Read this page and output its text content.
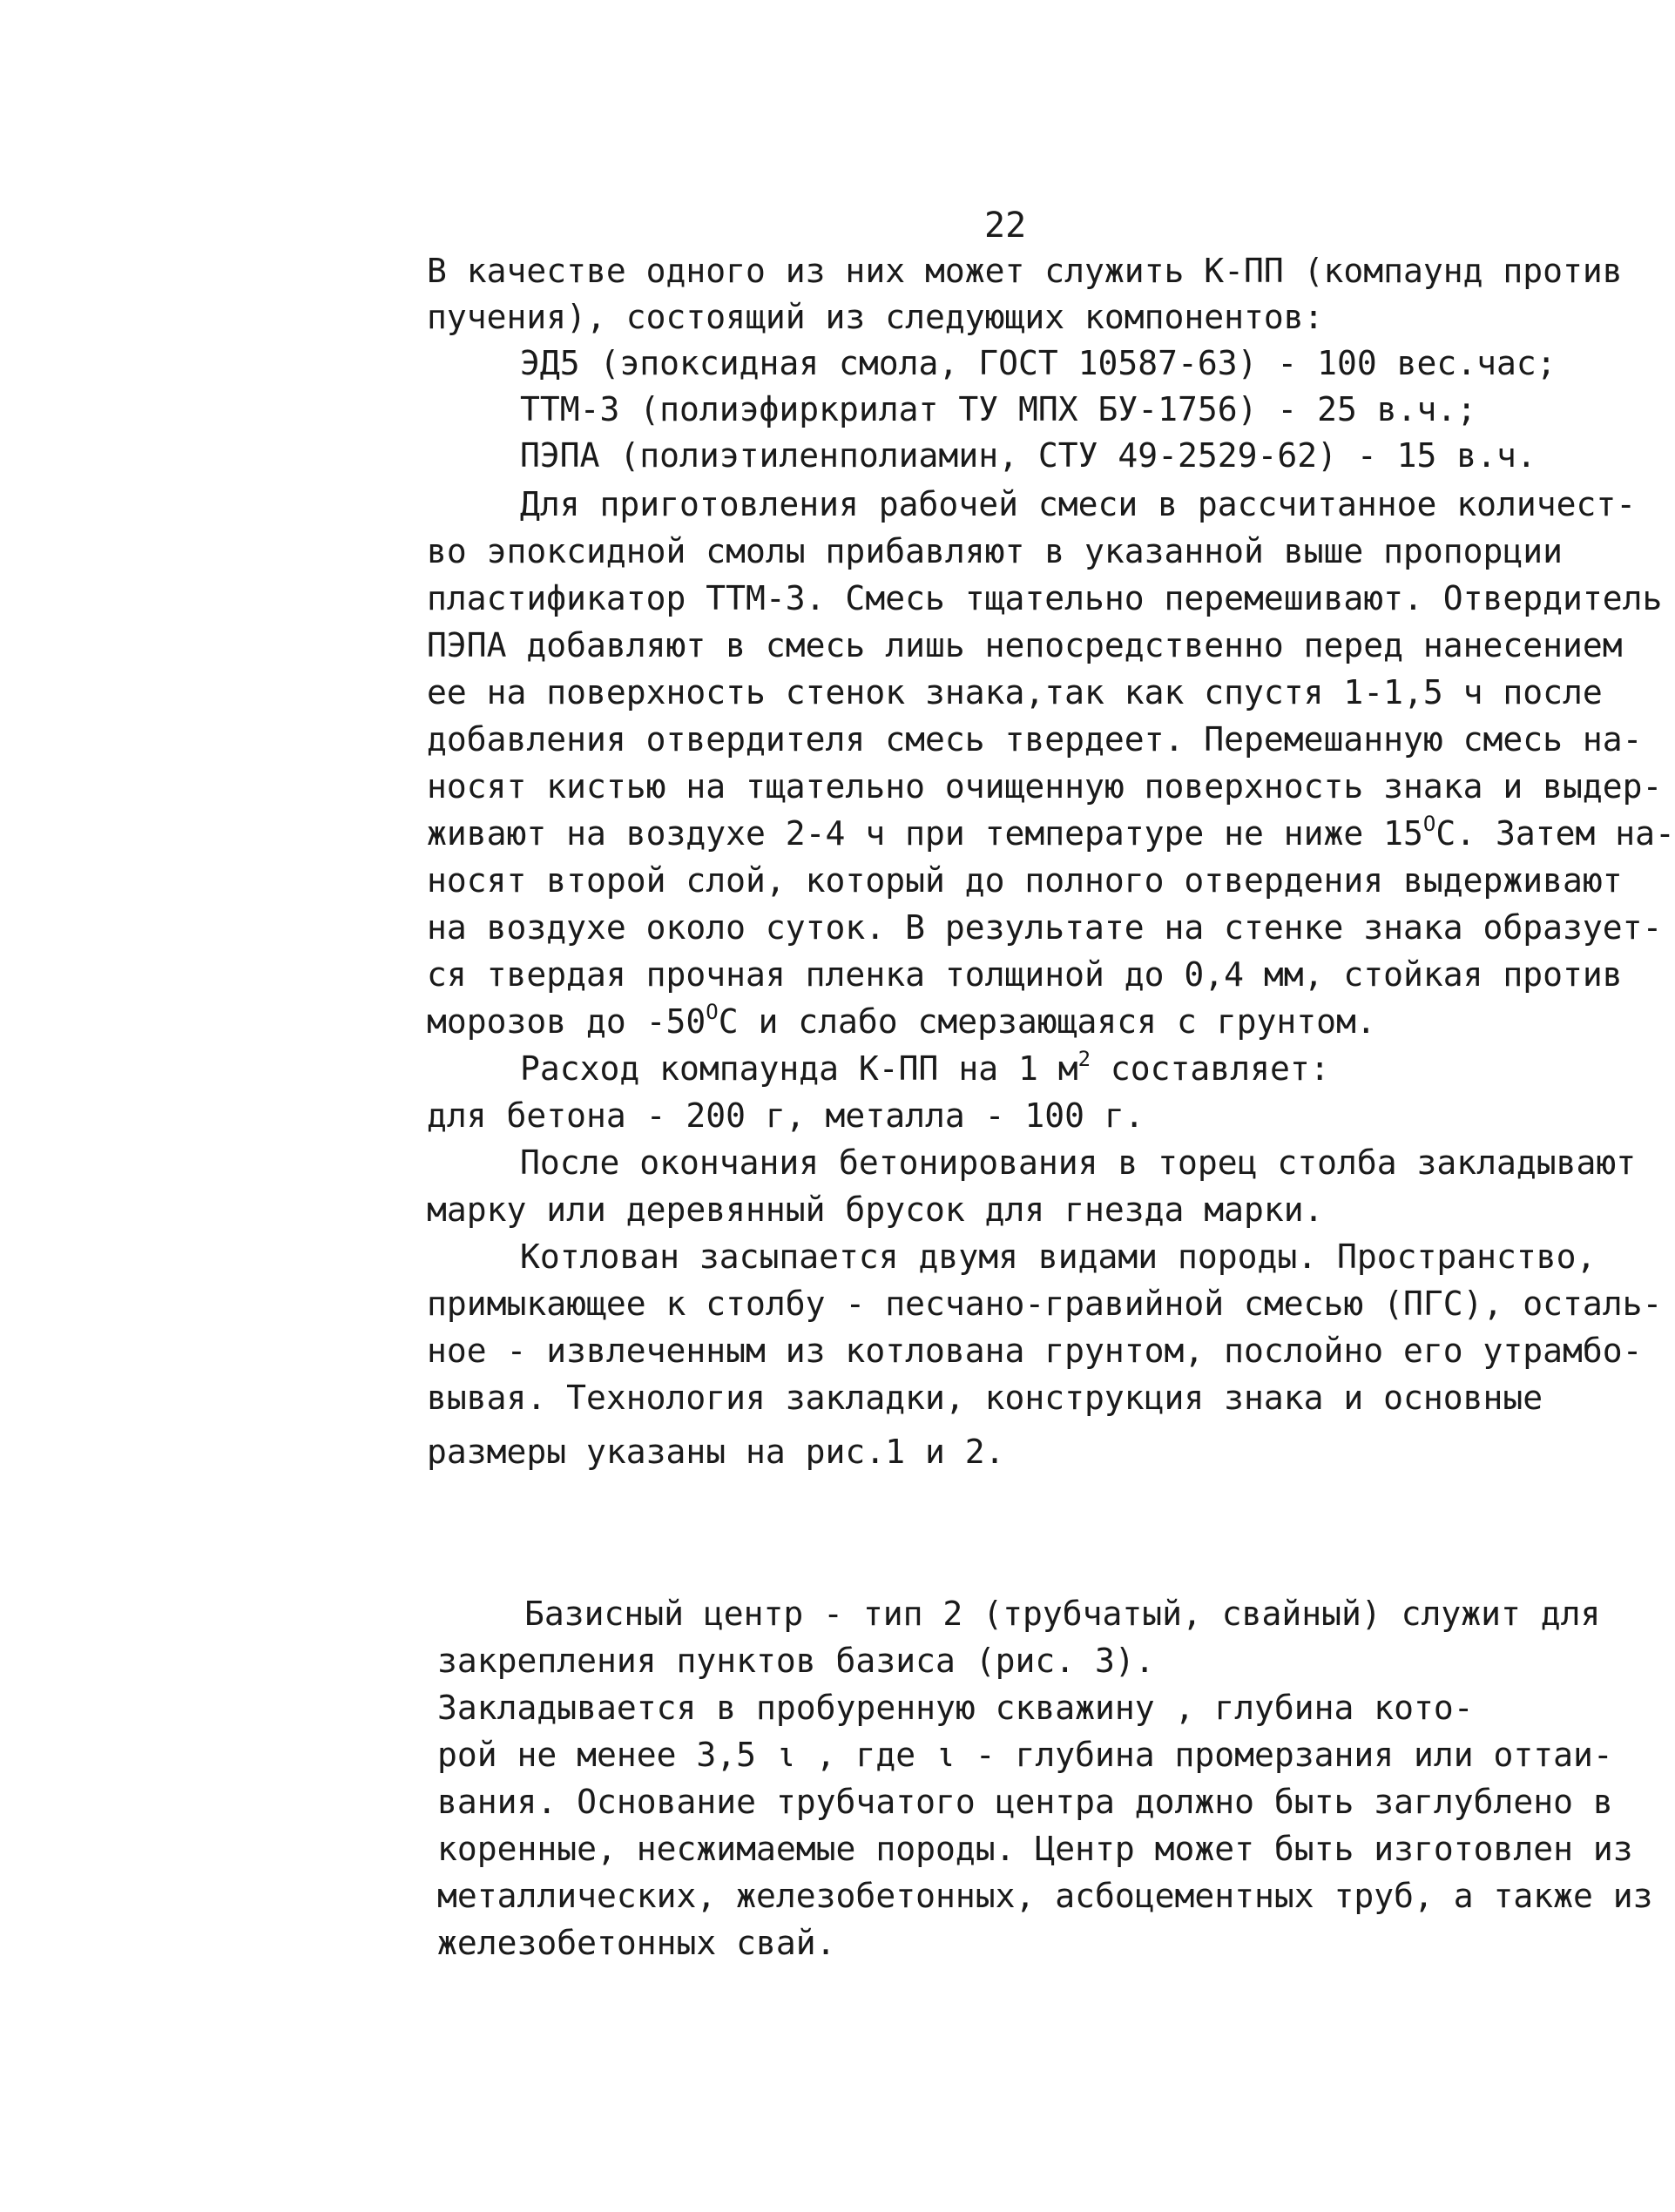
22
В качестве одного из них может служить К-ПП (компаунд против
пучения), состоящий из следующих компонентов:
ЭД5 (эпоксидная смола, ГОСТ 10587-63) - 100 вес.час;
ТТМ-3 (полиэфиркрилат ТУ МПХ БУ-1756) - 25 в.ч.;
ПЭПА (полиэтиленполиамин, СТУ 49-2529-62) - 15 в.ч.
Для приготовления рабочей смеси в рассчитанное количест-
во эпоксидной смолы прибавляют в указанной выше пропорции
пластификатор ТТМ-3. Смесь тщательно перемешивают. Отвердитель
ПЭПА добавляют в смесь лишь непосредственно перед нанесением
ее на поверхность стенок знака,так как спустя 1-1,5 ч после
добавления отвердителя смесь твердеет. Перемешанную смесь на-
носят кистью на тщательно очищенную поверхность знака и выдер-
живают на воздухе 2-4 ч при температуре не ниже $15^ОС$. Затем на-
носят второй слой, который до полного отвердения выдерживают
на воздухе около суток. В результате на стенке знака образует-
ся твердая прочная пленка толщиной до 0,4 мм, стойкая против
морозов до $-50^ОС$ и слабо смерзающаяся с грунтом.
Расход компаунда К-ПП на 1 $м^2$ составляет:
для бетона - 200 г, металла - 100 г.
После окончания бетонирования в торец столба закладывают
марку или деревянный брусок для гнезда марки.
Котлован засыпается двумя видами породы. Пространство,
примыкающее к столбу - песчано-гравийной смесью (ПГС), осталь-
ное - извлеченным из котлована грунтом, послойно его утрамбо-
вывая. Технология закладки, конструкция знака и основные
размеры указаны на рис.1 и 2.
Базисный центр - тип 2 (трубчатый, свайный) служит для
закрепления пунктов базиса (рис. 3).
Закладывается в пробуренную скважину , глубина кото-
рой не менее 3,5 ι , где ι - глубина промерзания или оттаи-
вания. Основание трубчатого центра должно быть заглублено в
коренные, несжимаемые породы. Центр может быть изготовлен из
металлических, железобетонных, асбоцементных труб, а также из
железобетонных свай.
